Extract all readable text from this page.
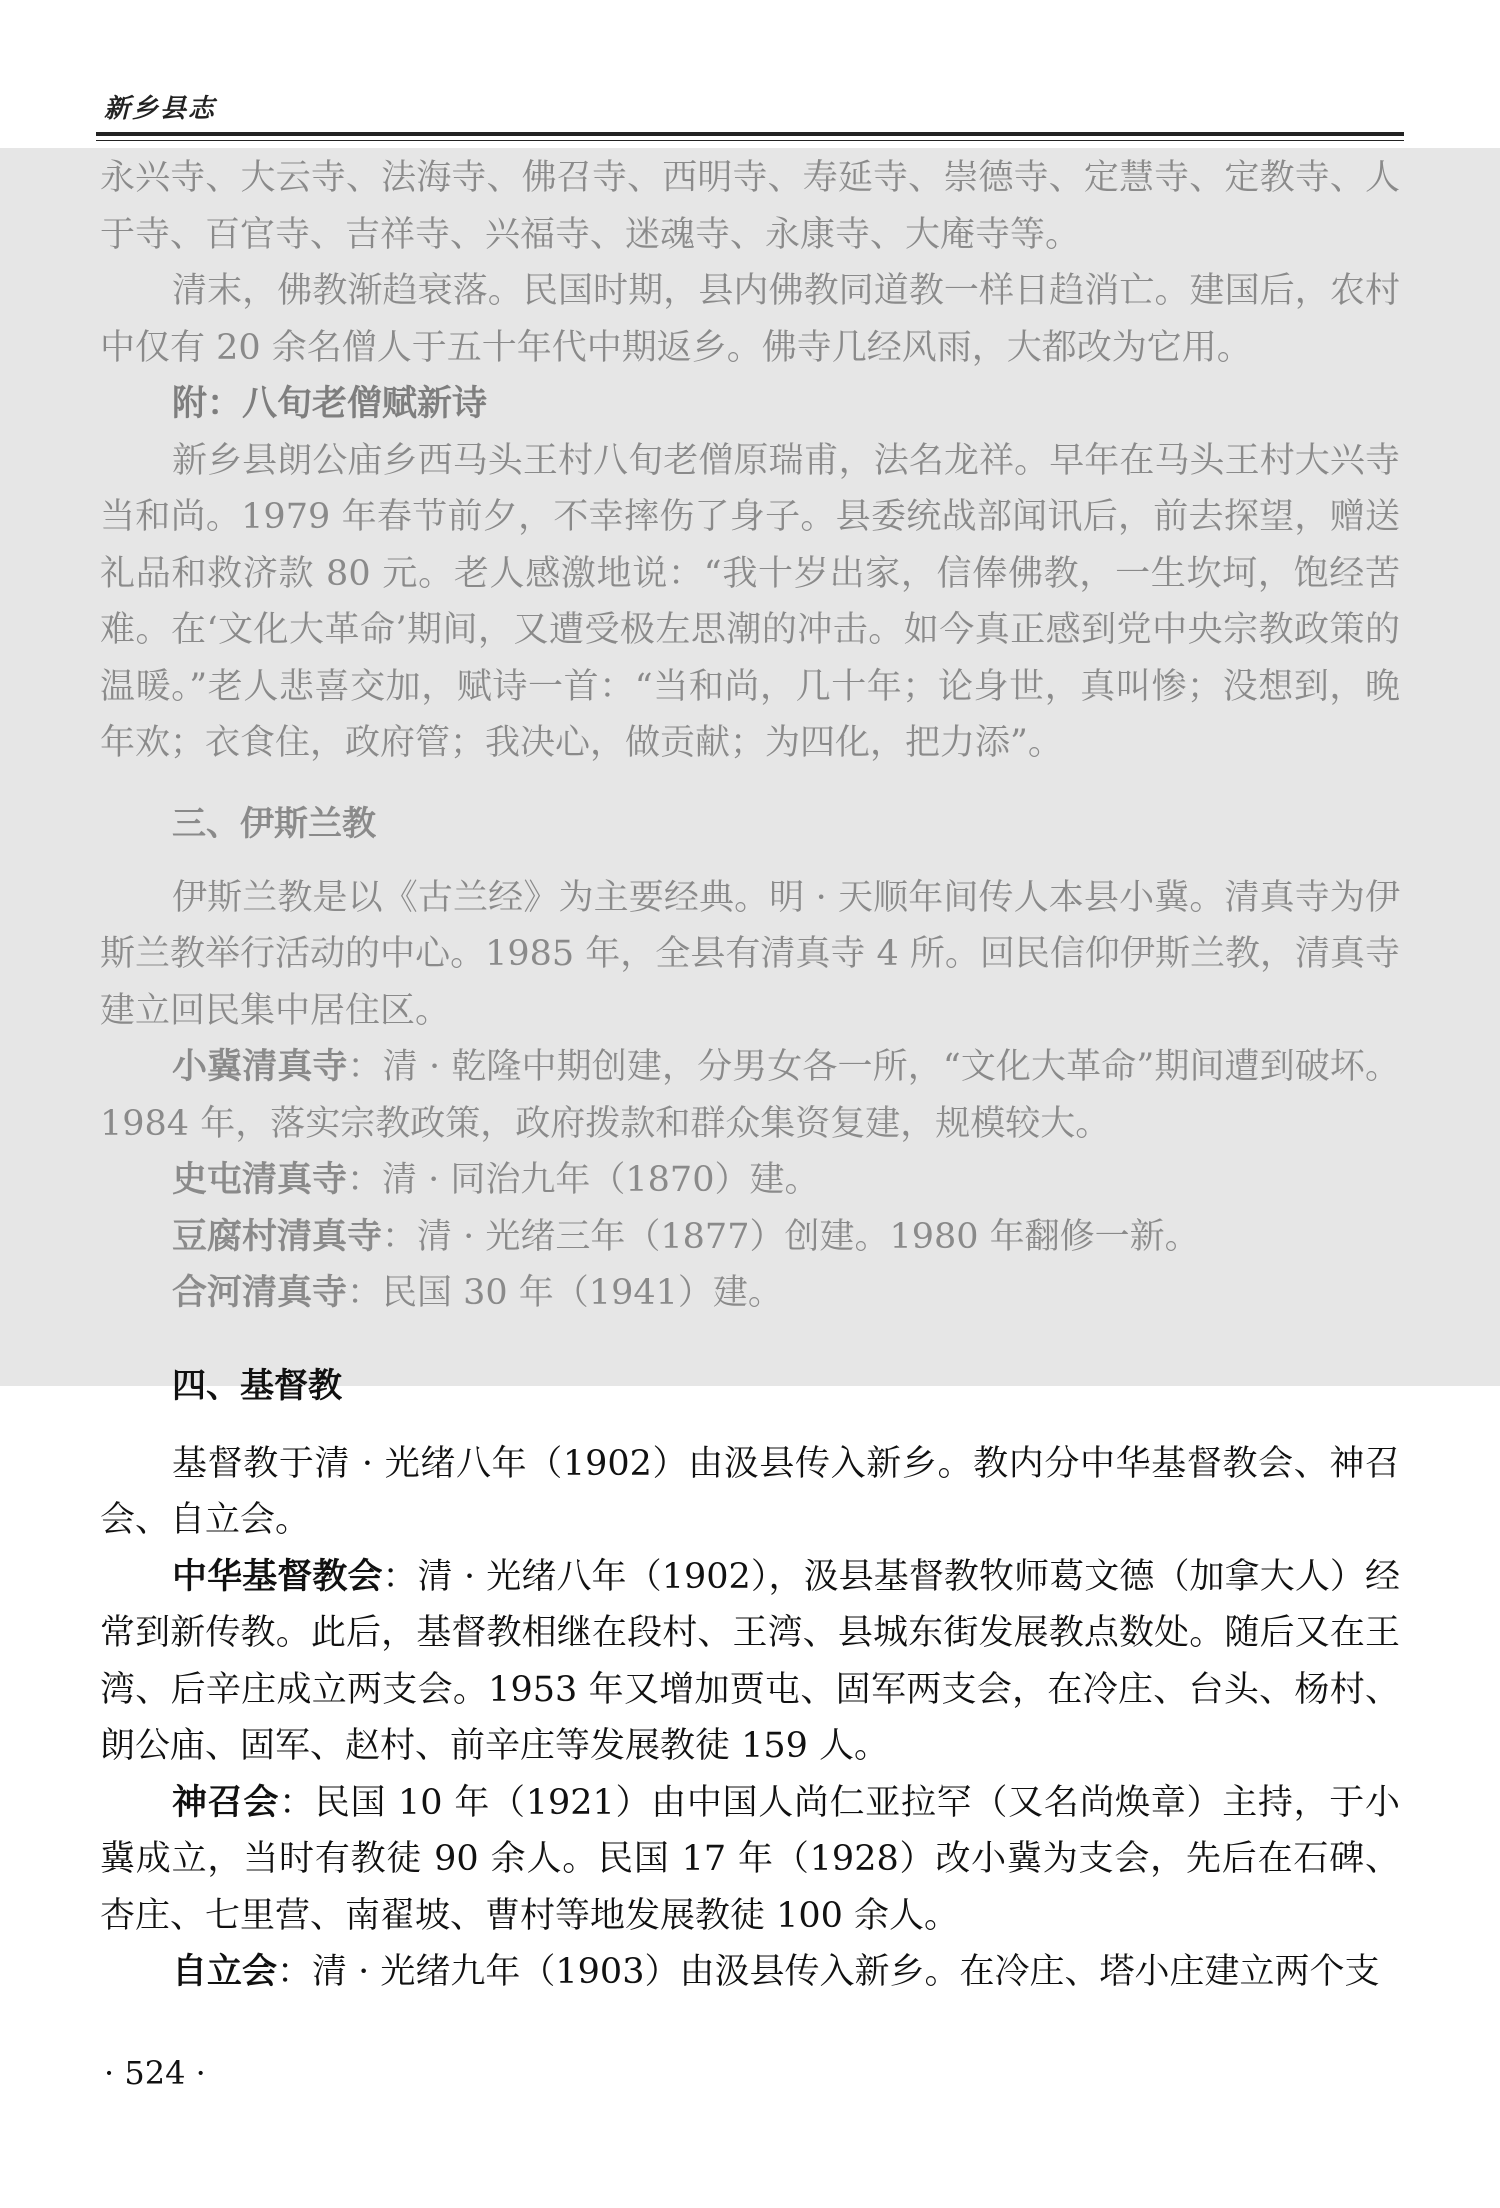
新乡县志

永兴寺、大云寺、法海寺、佛召寺、西明寺、寿延寺、崇德寺、定慧寺、定教寺、人于寺、百官寺、吉祥寺、兴福寺、迷魂寺、永康寺、大庵寺等。

清末，佛教渐趋衰落。民国时期，县内佛教同道教一样日趋消亡。建国后，农村中仅有 20 余名僧人于五十年代中期返乡。佛寺几经风雨，大都改为它用。

附：八旬老僧赋新诗

新乡县朗公庙乡西马头王村八旬老僧原瑞甫，法名龙祥。早年在马头王村大兴寺当和尚。1979 年春节前夕，不幸摔伤了身子。县委统战部闻讯后，前去探望，赠送礼品和救济款 80 元。老人感激地说：“我十岁出家，信俸佛教，一生坎坷，饱经苦难。在‘文化大革命’期间，又遭受极左思潮的冲击。如今真正感到党中央宗教政策的温暖。”老人悲喜交加，赋诗一首：“当和尚，几十年；论身世，真叫惨；没想到，晚年欢；衣食住，政府管；我决心，做贡献；为四化，把力添”。

三、伊斯兰教

伊斯兰教是以《古兰经》为主要经典。明 · 天顺年间传人本县小冀。清真寺为伊斯兰教举行活动的中心。1985 年，全县有清真寺 4 所。回民信仰伊斯兰教，清真寺建立回民集中居住区。

小冀清真寺：清 · 乾隆中期创建，分男女各一所，“文化大革命”期间遭到破坏。1984 年，落实宗教政策，政府拨款和群众集资复建，规模较大。

史屯清真寺：清 · 同治九年（1870）建。

豆腐村清真寺：清 · 光绪三年（1877）创建。1980 年翻修一新。

合河清真寺：民国 30 年（1941）建。

四、基督教

基督教于清 · 光绪八年（1902）由汲县传入新乡。教内分中华基督教会、神召会、自立会。

中华基督教会：清 · 光绪八年（1902），汲县基督教牧师葛文德（加拿大人）经常到新传教。此后，基督教相继在段村、王湾、县城东街发展教点数处。随后又在王湾、后辛庄成立两支会。1953 年又增加贾屯、固军两支会，在冷庄、台头、杨村、朗公庙、固军、赵村、前辛庄等发展教徒 159 人。

神召会：民国 10 年（1921）由中国人尚仁亚拉罕（又名尚焕章）主持，于小冀成立，当时有教徒 90 余人。民国 17 年（1928）改小冀为支会，先后在石碑、杏庄、七里营、南翟坡、曹村等地发展教徒 100 余人。

自立会：清 · 光绪九年（1903）由汲县传入新乡。在冷庄、塔小庄建立两个支

· 524 ·
